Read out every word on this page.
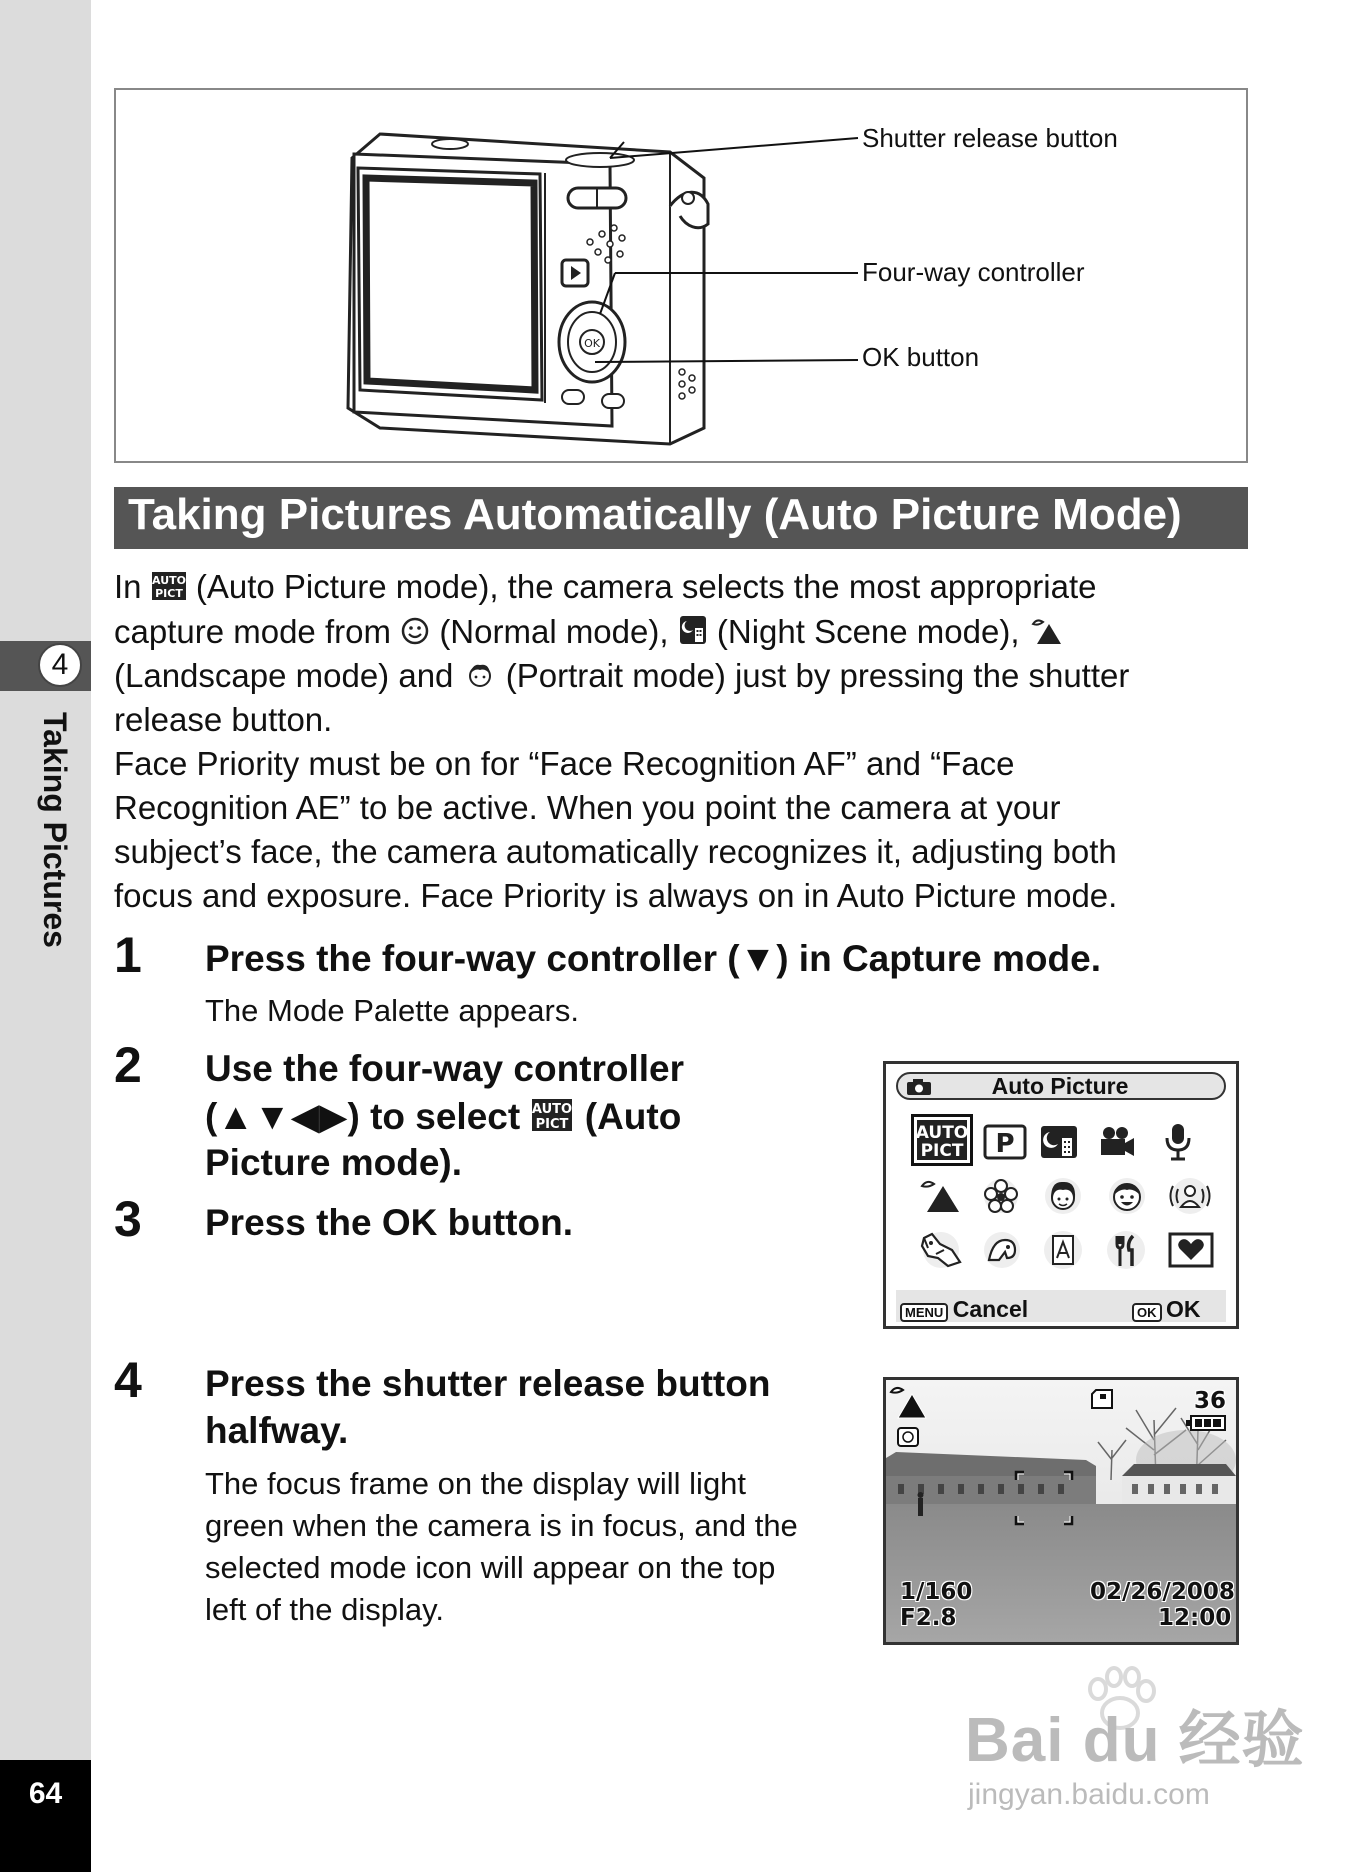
4
Taking Pictures
64
OK
Shutter release button
Four-way controller
OK button
Taking Pictures Automatically (Auto Picture Mode)
In AUTO
PICT (Auto Picture mode), the camera selects the most appropriate
capture mode from (Normal mode), (Night Scene mode),
(Landscape mode) and (Portrait mode) just by pressing the shutter
release button.
Face Priority must be on for “Face Recognition AF” and “Face
Recognition AE” to be active. When you point the camera at your
subject’s face, the camera automatically recognizes it, adjusting both
focus and exposure. Face Priority is always on in Auto Picture mode.
1 Press the four-way controller (▼) in Capture mode.
The Mode Palette appears.
2 Use the four-way controller
(▲▼◀▶) to select AUTO
PICT (Auto
Picture mode).
3 Press the OK button.
4 Press the shutter release button
halfway.
The focus frame on the display will light
green when the camera is in focus, and the
selected mode icon will appear on the top
left of the display.
Auto Picture
AUTO
PICT P
MENU Cancel	OK OK
36
1/160
F2.8
02/26/2008
12:00
Bai du 经验
jingyan.baidu.com
